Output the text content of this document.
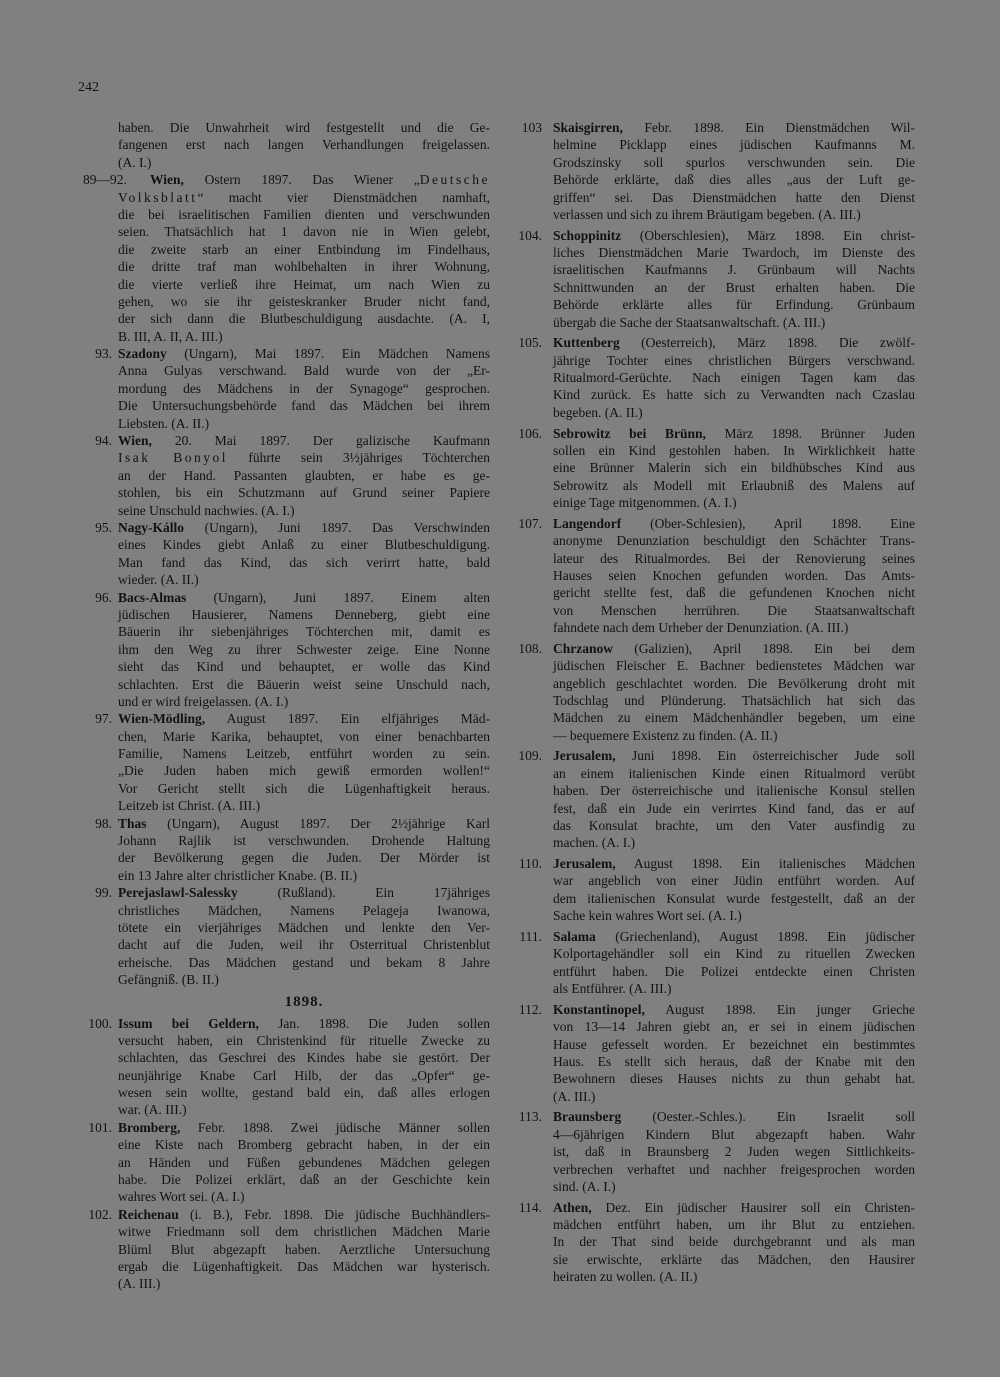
242
haben. Die Unwahrheit wird festgestellt und die Ge-
fangenen erst nach langen Verhandlungen freigelassen.
(A. I.)
89—92.	Wien, Ostern 1897. Das Wiener „Deutsche
Volksblatt“ macht vier Dienstmädchen namhaft,
die bei israelitischen Familien dienten und verschwunden
seien. Thatsächlich hat 1 davon nie in Wien gelebt,
die zweite starb an einer Entbindung im Findelhaus,
die dritte traf man wohlbehalten in ihrer Wohnung,
die vierte verließ ihre Heimat, um nach Wien zu
gehen, wo sie ihr geisteskranker Bruder nicht fand,
der sich dann die Blutbeschuldigung ausdachte. (A. I,
B. III, A. II, A. III.)
93. Szadony (Ungarn), Mai 1897. Ein Mädchen Namens
Anna Gulyas verschwand. Bald wurde von der „Er-
mordung des Mädchens in der Synagoge“ gesprochen.
Die Untersuchungsbehörde fand das Mädchen bei ihrem
Liebsten. (A. II.)
94. Wien, 20. Mai 1897. Der galizische Kaufmann
Isak Bonyol führte sein 3½jähriges Töchterchen
an der Hand. Passanten glaubten, er habe es ge-
stohlen, bis ein Schutzmann auf Grund seiner Papiere
seine Unschuld nachwies. (A. I.)
95. Nagy-Kállo (Ungarn), Juni 1897. Das Verschwinden
eines Kindes giebt Anlaß zu einer Blutbeschuldigung.
Man fand das Kind, das sich verirrt hatte, bald
wieder. (A. II.)
96. Bacs-Almas (Ungarn), Juni 1897. Einem alten
jüdischen Hausierer, Namens Denneberg, giebt eine
Bäuerin ihr siebenjähriges Töchterchen mit, damit es
ihm den Weg zu ihrer Schwester zeige. Eine Nonne
sieht das Kind und behauptet, er wolle das Kind
schlachten. Erst die Bäuerin weist seine Unschuld nach,
und er wird freigelassen. (A. I.)
97. Wien-Mödling, August 1897. Ein elfjähriges Mäd-
chen, Marie Karika, behauptet, von einer benachbarten
Familie, Namens Leitzeb, entführt worden zu sein.
„Die Juden haben mich gewiß ermorden wollen!“
Vor Gericht stellt sich die Lügenhaftigkeit heraus.
Leitzeb ist Christ. (A. III.)
98. Thas (Ungarn), August 1897. Der 2½jährige Karl
Johann Rajlik ist verschwunden. Drohende Haltung
der Bevölkerung gegen die Juden. Der Mörder ist
ein 13 Jahre alter christlicher Knabe. (B. II.)
99. Perejaslawl-Salessky (Rußland). Ein 17jähriges
christliches Mädchen, Namens Pelageja Iwanowa,
tötete ein vierjähriges Mädchen und lenkte den Ver-
dacht auf die Juden, weil ihr Osterritual Christenblut
erheische. Das Mädchen gestand und bekam 8 Jahre
Gefängniß. (B. II.)
1898.
100. Issum bei Geldern, Jan. 1898. Die Juden sollen
versucht haben, ein Christenkind für rituelle Zwecke zu
schlachten, das Geschrei des Kindes habe sie gestört. Der
neunjährige Knabe Carl Hilb, der das „Opfer“ ge-
wesen sein wollte, gestand bald ein, daß alles erlogen
war. (A. III.)
101. Bromberg, Febr. 1898. Zwei jüdische Männer sollen
eine Kiste nach Bromberg gebracht haben, in der ein
an Händen und Füßen gebundenes Mädchen gelegen
habe. Die Polizei erklärt, daß an der Geschichte kein
wahres Wort sei. (A. I.)
102. Reichenau (i. B.), Febr. 1898. Die jüdische Buchhändlers-
witwe Friedmann soll dem christlichen Mädchen Marie
Blüml Blut abgezapft haben. Aerztliche Untersuchung
ergab die Lügenhaftigkeit. Das Mädchen war hysterisch.
(A. III.)
103 Skaisgirren, Febr. 1898. Ein Dienstmädchen Wil-
helmine Picklapp eines jüdischen Kaufmanns M.
Grodszinsky soll spurlos verschwunden sein. Die
Behörde erklärte, daß dies alles „aus der Luft ge-
griffen“ sei. Das Dienstmädchen hatte den Dienst
verlassen und sich zu ihrem Bräutigam begeben. (A. III.)
104. Schoppinitz (Oberschlesien), März 1898. Ein christ-
liches Dienstmädchen Marie Twardoch, im Dienste des
israelitischen Kaufmanns J. Grünbaum will Nachts
Schnittwunden an der Brust erhalten haben. Die
Behörde erklärte alles für Erfindung. Grünbaum
übergab die Sache der Staatsanwaltschaft. (A. III.)
105. Kuttenberg (Oesterreich), März 1898. Die zwölf-
jährige Tochter eines christlichen Bürgers verschwand.
Ritualmord-Gerüchte. Nach einigen Tagen kam das
Kind zurück. Es hatte sich zu Verwandten nach Czaslau
begeben. (A. II.)
106. Sebrowitz bei Brünn, März 1898. Brünner Juden
sollen ein Kind gestohlen haben. In Wirklichkeit hatte
eine Brünner Malerin sich ein bildhübsches Kind aus
Sebrowitz als Modell mit Erlaubniß des Malens auf
einige Tage mitgenommen. (A. I.)
107. Langendorf (Ober-Schlesien), April 1898. Eine
anonyme Denunziation beschuldigt den Schächter Trans-
lateur des Ritualmordes. Bei der Renovierung seines
Hauses seien Knochen gefunden worden. Das Amts-
gericht stellte fest, daß die gefundenen Knochen nicht
von Menschen herrühren. Die Staatsanwaltschaft
fahndete nach dem Urheber der Denunziation. (A. III.)
108. Chrzanow (Galizien), April 1898. Ein bei dem
jüdischen Fleischer E. Bachner bedienstetes Mädchen war
angeblich geschlachtet worden. Die Bevölkerung droht mit
Todschlag und Plünderung. Thatsächlich hat sich das
Mädchen zu einem Mädchenhändler begeben, um eine
— bequemere Existenz zu finden. (A. II.)
109. Jerusalem, Juni 1898. Ein österreichischer Jude soll
an einem italienischen Kinde einen Ritualmord verübt
haben. Der österreichische und italienische Konsul stellen
fest, daß ein Jude ein verirrtes Kind fand, das er auf
das Konsulat brachte, um den Vater ausfindig zu
machen. (A. I.)
110. Jerusalem, August 1898. Ein italienisches Mädchen
war angeblich von einer Jüdin entführt worden. Auf
dem italienischen Konsulat wurde festgestellt, daß an der
Sache kein wahres Wort sei. (A. I.)
111. Salama (Griechenland), August 1898. Ein jüdischer
Kolportagehändler soll ein Kind zu rituellen Zwecken
entführt haben. Die Polizei entdeckte einen Christen
als Entführer. (A. III.)
112. Konstantinopel, August 1898. Ein junger Grieche
von 13—14 Jahren giebt an, er sei in einem jüdischen
Hause gefesselt worden. Er bezeichnet ein bestimmtes
Haus. Es stellt sich heraus, daß der Knabe mit den
Bewohnern dieses Hauses nichts zu thun gehabt hat.
(A. III.)
113. Braunsberg (Oester.-Schles.). Ein Israelit soll
4—6jährigen Kindern Blut abgezapft haben. Wahr
ist, daß in Braunsberg 2 Juden wegen Sittlichkeits-
verbrechen verhaftet und nachher freigesprochen worden
sind. (A. I.)
114. Athen, Dez. Ein jüdischer Hausirer soll ein Christen-
mädchen entführt haben, um ihr Blut zu entziehen.
In der That sind beide durchgebrannt und als man
sie erwischte, erklärte das Mädchen, den Hausirer
heiraten zu wollen. (A. II.)
